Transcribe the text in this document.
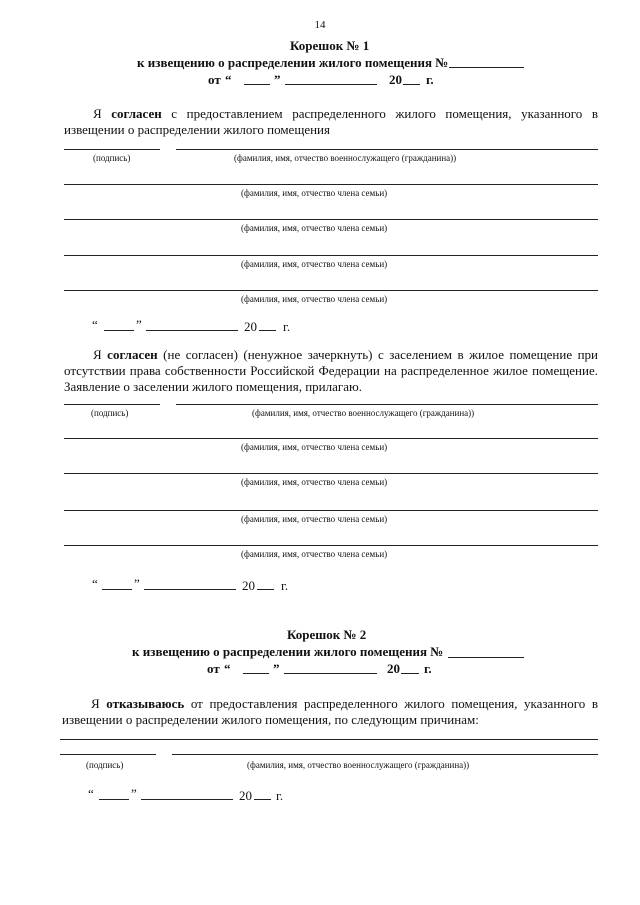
14
Корешок № 1
к извещению о распределении жилого помещения №
от “	”	20 г.
Я согласен с предоставлением распределенного жилого помещения, указанного в
извещении о распределении жилого помещения
(подпись)	(фамилия, имя, отчество военнослужащего (гражданина))
(фамилия, имя, отчество члена семьи)
(фамилия, имя, отчество члена семьи)
(фамилия, имя, отчество члена семьи)
(фамилия, имя, отчество члена семьи)
“	”	20 г.
Я согласен (не согласен) (ненужное зачеркнуть) с заселением в жилое помещение при
отсутствии права собственности Российской Федерации на распределенное жилое помещение.
Заявление о заселении жилого помещения, прилагаю.
(подпись)	(фамилия, имя, отчество военнослужащего (гражданина))
(фамилия, имя, отчество члена семьи)
(фамилия, имя, отчество члена семьи)
(фамилия, имя, отчество члена семьи)
(фамилия, имя, отчество члена семьи)
“	”	20 г.
Корешок № 2
к извещению о распределении жилого помещения №
от “	”	20 г.
Я отказываюсь от предоставления распределенного жилого помещения, указанного в
извещении о распределении жилого помещения, по следующим причинам:
(подпись)	(фамилия, имя, отчество военнослужащего (гражданина))
“	”	20 г.
